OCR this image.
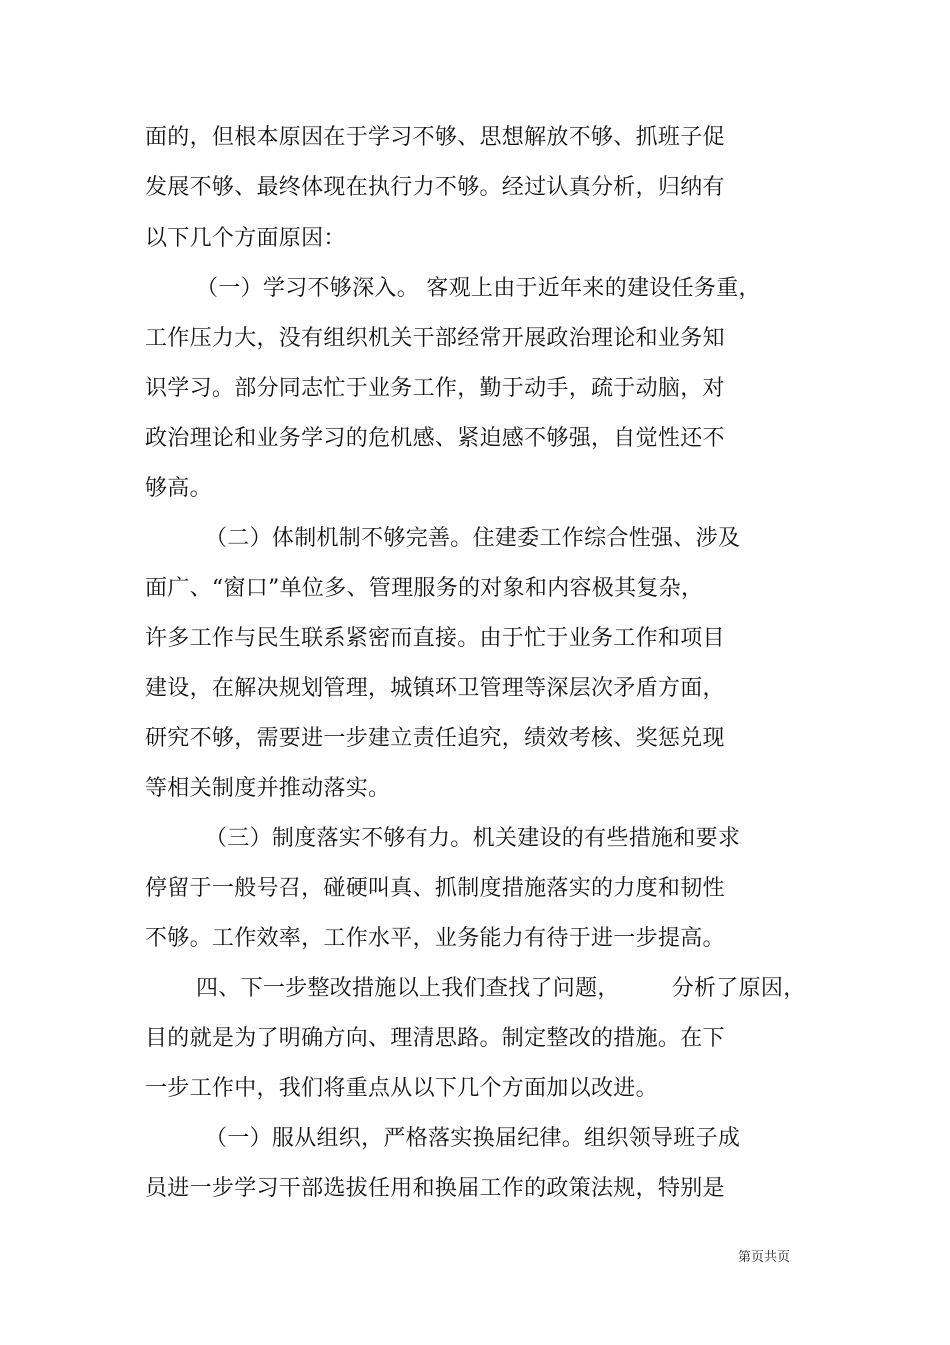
面的，但根本原因在于学习不够、思想解放不够、抓班子促
发展不够、最终体现在执行力不够。经过认真分析，归纳有
以下几个方面原因：
（一）学习不够深入。 客观上由于近年来的建设任务重，
工作压力大，没有组织机关干部经常开展政治理论和业务知
识学习。部分同志忙于业务工作，勤于动手，疏于动脑，对
政治理论和业务学习的危机感、紧迫感不够强，自觉性还不
够高。
（二）体制机制不够完善。住建委工作综合性强、涉及
面广、“窗口”单位多、管理服务的对象和内容极其复杂，
许多工作与民生联系紧密而直接。由于忙于业务工作和项目
建设，在解决规划管理，城镇环卫管理等深层次矛盾方面，
研究不够，需要进一步建立责任追究，绩效考核、奖惩兑现
等相关制度并推动落实。
（三）制度落实不够有力。机关建设的有些措施和要求
停留于一般号召，碰硬叫真、抓制度措施落实的力度和韧性
不够。工作效率，工作水平，业务能力有待于进一步提高。
四、下一步整改措施以上我们查找了问题， 分析了原因，
目的就是为了明确方向、理清思路。制定整改的措施。在下
一步工作中，我们将重点从以下几个方面加以改进。
（一）服从组织，严格落实换届纪律。组织领导班子成
员进一步学习干部选拔任用和换届工作的政策法规，特别是
第页共页
